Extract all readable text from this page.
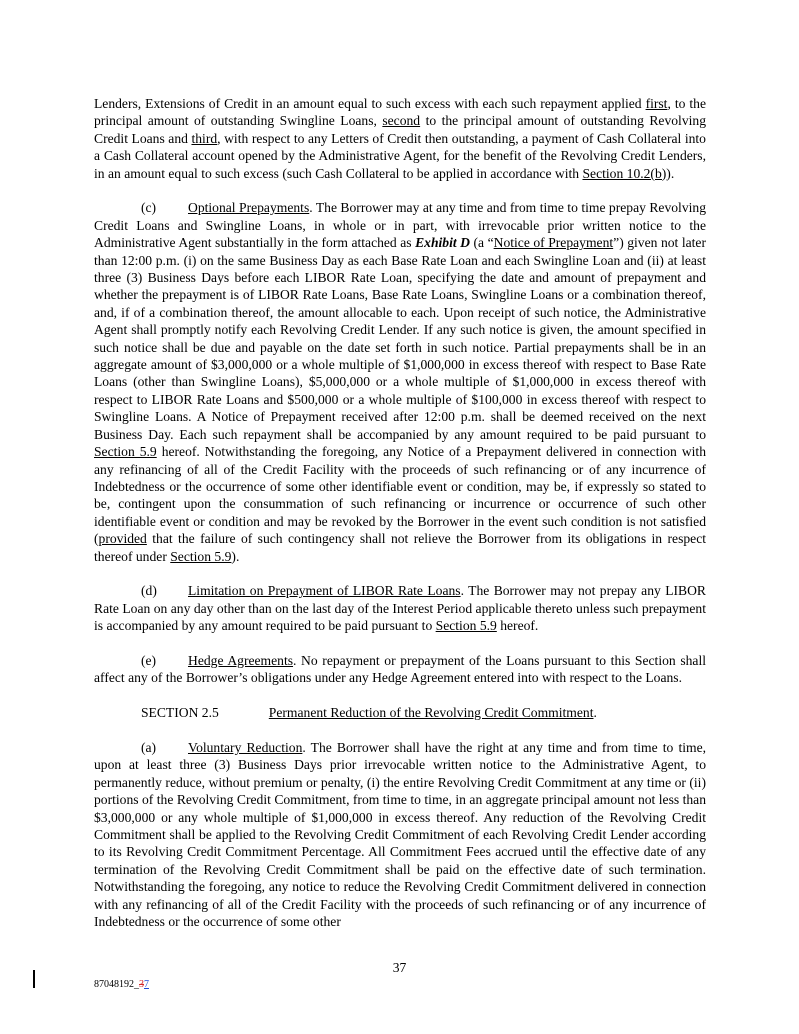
Lenders, Extensions of Credit in an amount equal to such excess with each such repayment applied first, to the principal amount of outstanding Swingline Loans, second to the principal amount of outstanding Revolving Credit Loans and third, with respect to any Letters of Credit then outstanding, a payment of Cash Collateral into a Cash Collateral account opened by the Administrative Agent, for the benefit of the Revolving Credit Lenders, in an amount equal to such excess (such Cash Collateral to be applied in accordance with Section 10.2(b)).

(c) Optional Prepayments. The Borrower may at any time and from time to time prepay Revolving Credit Loans and Swingline Loans, in whole or in part, with irrevocable prior written notice to the Administrative Agent substantially in the form attached as Exhibit D (a “Notice of Prepayment”) given not later than 12:00 p.m. (i) on the same Business Day as each Base Rate Loan and each Swingline Loan and (ii) at least three (3) Business Days before each LIBOR Rate Loan, specifying the date and amount of prepayment and whether the prepayment is of LIBOR Rate Loans, Base Rate Loans, Swingline Loans or a combination thereof, and, if of a combination thereof, the amount allocable to each. Upon receipt of such notice, the Administrative Agent shall promptly notify each Revolving Credit Lender. If any such notice is given, the amount specified in such notice shall be due and payable on the date set forth in such notice. Partial prepayments shall be in an aggregate amount of $3,000,000 or a whole multiple of $1,000,000 in excess thereof with respect to Base Rate Loans (other than Swingline Loans), $5,000,000 or a whole multiple of $1,000,000 in excess thereof with respect to LIBOR Rate Loans and $500,000 or a whole multiple of $100,000 in excess thereof with respect to Swingline Loans. A Notice of Prepayment received after 12:00 p.m. shall be deemed received on the next Business Day. Each such repayment shall be accompanied by any amount required to be paid pursuant to Section 5.9 hereof. Notwithstanding the foregoing, any Notice of a Prepayment delivered in connection with any refinancing of all of the Credit Facility with the proceeds of such refinancing or of any incurrence of Indebtedness or the occurrence of some other identifiable event or condition, may be, if expressly so stated to be, contingent upon the consummation of such refinancing or incurrence or occurrence of such other identifiable event or condition and may be revoked by the Borrower in the event such condition is not satisfied (provided that the failure of such contingency shall not relieve the Borrower from its obligations in respect thereof under Section 5.9).

(d) Limitation on Prepayment of LIBOR Rate Loans. The Borrower may not prepay any LIBOR Rate Loan on any day other than on the last day of the Interest Period applicable thereto unless such prepayment is accompanied by any amount required to be paid pursuant to Section 5.9 hereof.

(e) Hedge Agreements. No repayment or prepayment of the Loans pursuant to this Section shall affect any of the Borrower’s obligations under any Hedge Agreement entered into with respect to the Loans.

SECTION 2.5	Permanent Reduction of the Revolving Credit Commitment.

(a) Voluntary Reduction. The Borrower shall have the right at any time and from time to time, upon at least three (3) Business Days prior irrevocable written notice to the Administrative Agent, to permanently reduce, without premium or penalty, (i) the entire Revolving Credit Commitment at any time or (ii) portions of the Revolving Credit Commitment, from time to time, in an aggregate principal amount not less than $3,000,000 or any whole multiple of $1,000,000 in excess thereof. Any reduction of the Revolving Credit Commitment shall be applied to the Revolving Credit Commitment of each Revolving Credit Lender according to its Revolving Credit Commitment Percentage. All Commitment Fees accrued until the effective date of any termination of the Revolving Credit Commitment shall be paid on the effective date of such termination. Notwithstanding the foregoing, any notice to reduce the Revolving Credit Commitment delivered in connection with any refinancing of all of the Credit Facility with the proceeds of such refinancing or of any incurrence of Indebtedness or the occurrence of some other

37
87048192_37
